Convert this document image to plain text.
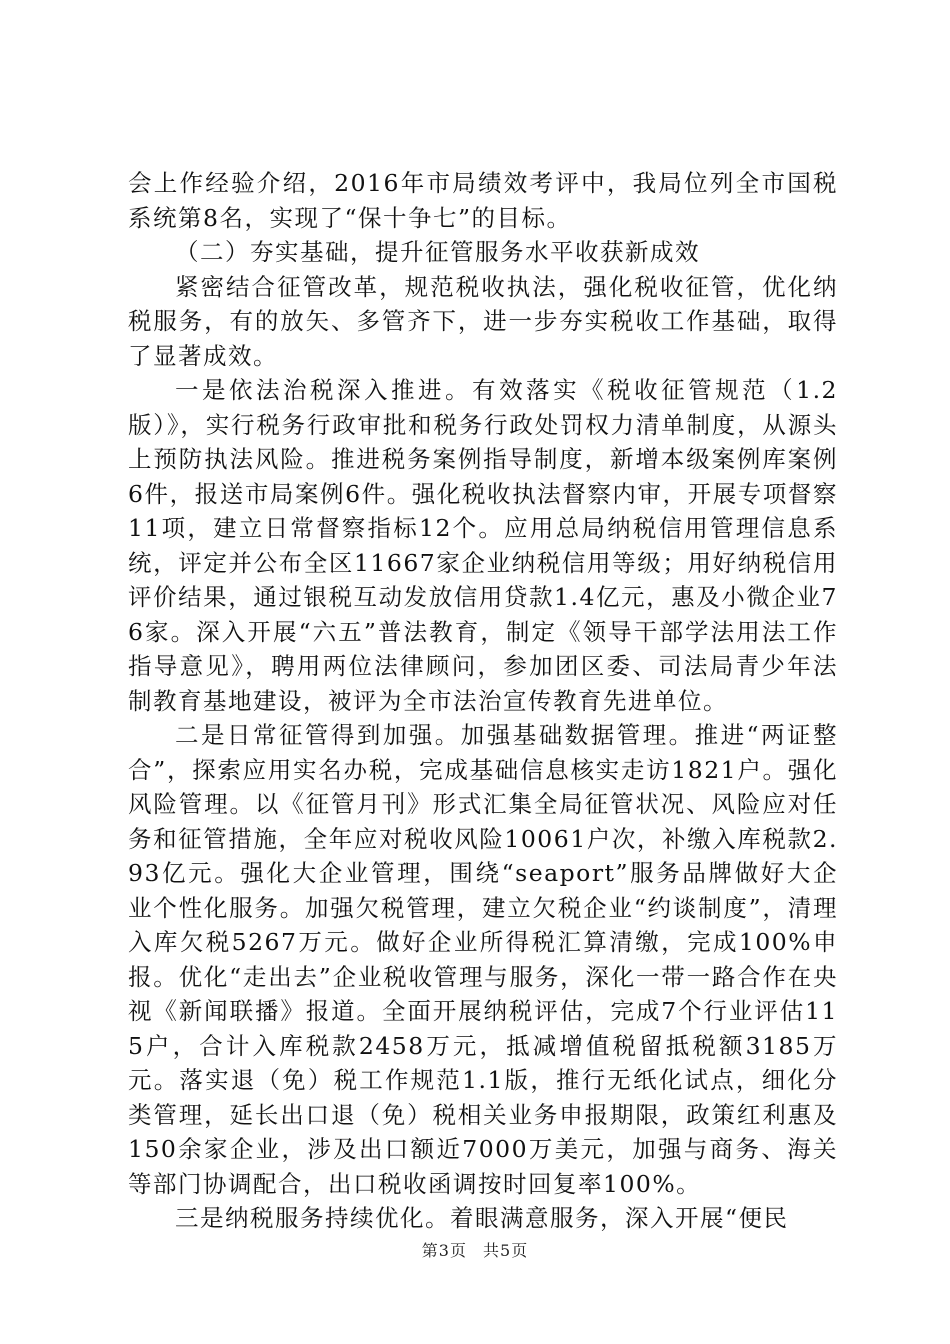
会上作经验介绍，2016年市局绩效考评中，我局位列全市国税系统第8名，实现了“保十争七”的目标。

（二）夯实基础，提升征管服务水平收获新成效

紧密结合征管改革，规范税收执法，强化税收征管，优化纳税服务，有的放矢、多管齐下，进一步夯实税收工作基础，取得了显著成效。

一是依法治税深入推进。有效落实《税收征管规范（1.2版）》，实行税务行政审批和税务行政处罚权力清单制度，从源头上预防执法风险。推进税务案例指导制度，新增本级案例库案例6件，报送市局案例6件。强化税收执法督察内审，开展专项督察11项，建立日常督察指标12个。应用总局纳税信用管理信息系统，评定并公布全区11667家企业纳税信用等级；用好纳税信用评价结果，通过银税互动发放信用贷款1.4亿元，惠及小微企业76家。深入开展“六五”普法教育，制定《领导干部学法用法工作指导意见》，聘用两位法律顾问，参加团区委、司法局青少年法制教育基地建设，被评为全市法治宣传教育先进单位。

二是日常征管得到加强。加强基础数据管理。推进“两证整合”，探索应用实名办税，完成基础信息核实走访1821户。强化风险管理。以《征管月刊》形式汇集全局征管状况、风险应对任务和征管措施，全年应对税收风险10061户次，补缴入库税款2.93亿元。强化大企业管理，围绕“seaport”服务品牌做好大企业个性化服务。加强欠税管理，建立欠税企业“约谈制度”，清理入库欠税5267万元。做好企业所得税汇算清缴，完成100%申报。优化“走出去”企业税收管理与服务，深化一带一路合作在央视《新闻联播》报道。全面开展纳税评估，完成7个行业评估115户，合计入库税款2458万元，抵减增值税留抵税额3185万元。落实退（免）税工作规范1.1版，推行无纸化试点，细化分类管理，延长出口退（免）税相关业务申报期限，政策红利惠及150余家企业，涉及出口额近7000万美元，加强与商务、海关等部门协调配合，出口税收函调按时回复率100%。

三是纳税服务持续优化。着眼满意服务，深入开展“便民

第3页 共5页
